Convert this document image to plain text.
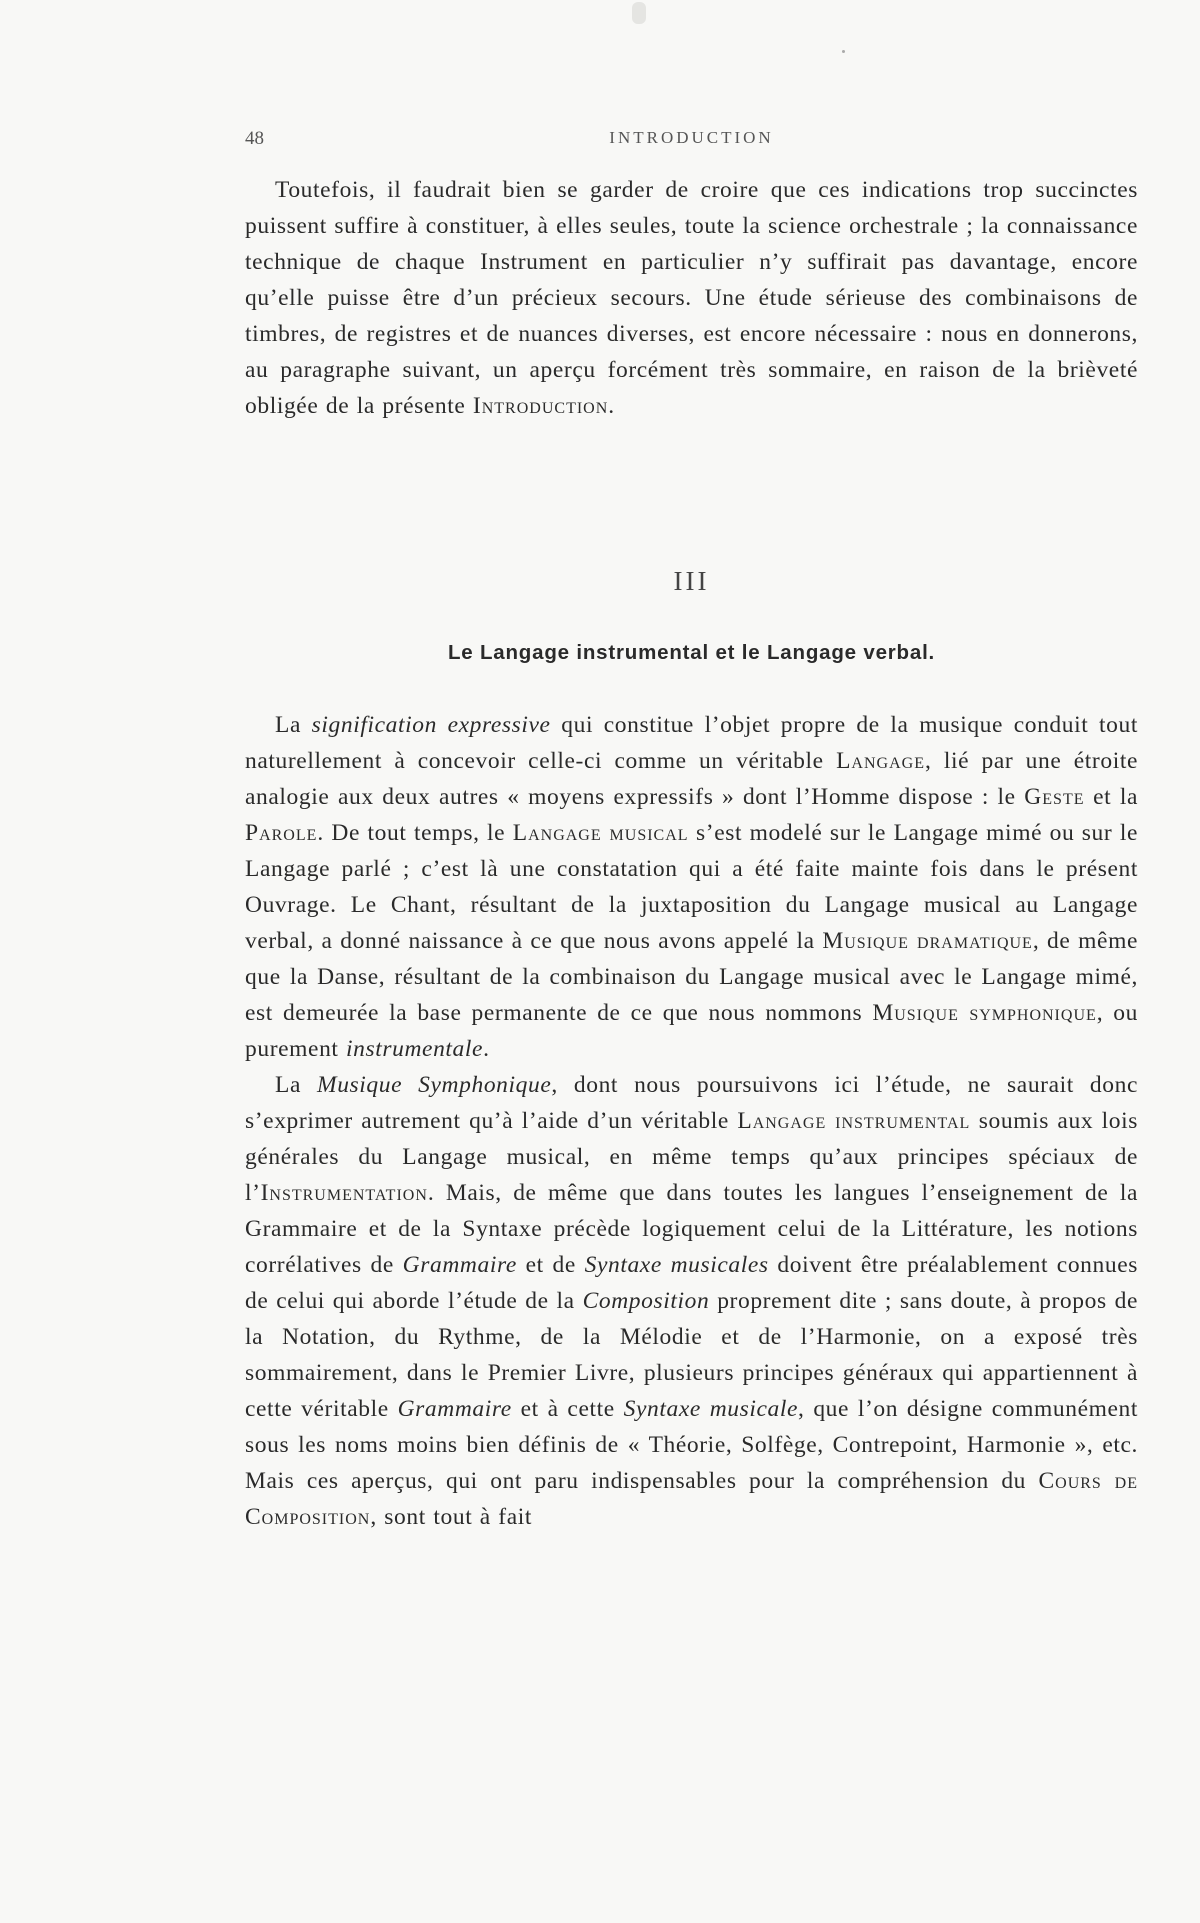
48	INTRODUCTION

Toutefois, il faudrait bien se garder de croire que ces indications trop succinctes puissent suffire à constituer, à elles seules, toute la science orchestrale ; la connaissance technique de chaque Instrument en particulier n’y suffirait pas davantage, encore qu’elle puisse être d’un précieux secours. Une étude sérieuse des combinaisons de timbres, de registres et de nuances diverses, est encore nécessaire : nous en donnerons, au paragraphe suivant, un aperçu forcément très sommaire, en raison de la brièveté obligée de la présente Introduction.

III
Le Langage instrumental et le Langage verbal.

La signification expressive qui constitue l’objet propre de la musique conduit tout naturellement à concevoir celle-ci comme un véritable Langage, lié par une étroite analogie aux deux autres « moyens expressifs » dont l’Homme dispose : le Geste et la Parole. De tout temps, le Langage musical s’est modelé sur le Langage mimé ou sur le Langage parlé ; c’est là une constatation qui a été faite mainte fois dans le présent Ouvrage. Le Chant, résultant de la juxtaposition du Langage musical au Langage verbal, a donné naissance à ce que nous avons appelé la Musique dramatique, de même que la Danse, résultant de la combinaison du Langage musical avec le Langage mimé, est demeurée la base permanente de ce que nous nommons Musique symphonique, ou purement instrumentale.

La Musique Symphonique, dont nous poursuivons ici l’étude, ne saurait donc s’exprimer autrement qu’à l’aide d’un véritable Langage instrumental soumis aux lois générales du Langage musical, en même temps qu’aux principes spéciaux de l’Instrumentation. Mais, de même que dans toutes les langues l’enseignement de la Grammaire et de la Syntaxe précède logiquement celui de la Littérature, les notions corrélatives de Grammaire et de Syntaxe musicales doivent être préalablement connues de celui qui aborde l’étude de la Composition proprement dite ; sans doute, à propos de la Notation, du Rythme, de la Mélodie et de l’Harmonie, on a exposé très sommairement, dans le Premier Livre, plusieurs principes généraux qui appartiennent à cette véritable Grammaire et à cette Syntaxe musicale, que l’on désigne communément sous les noms moins bien définis de « Théorie, Solfège, Contrepoint, Harmonie », etc. Mais ces aperçus, qui ont paru indispensables pour la compréhension du Cours de Composition, sont tout à fait
